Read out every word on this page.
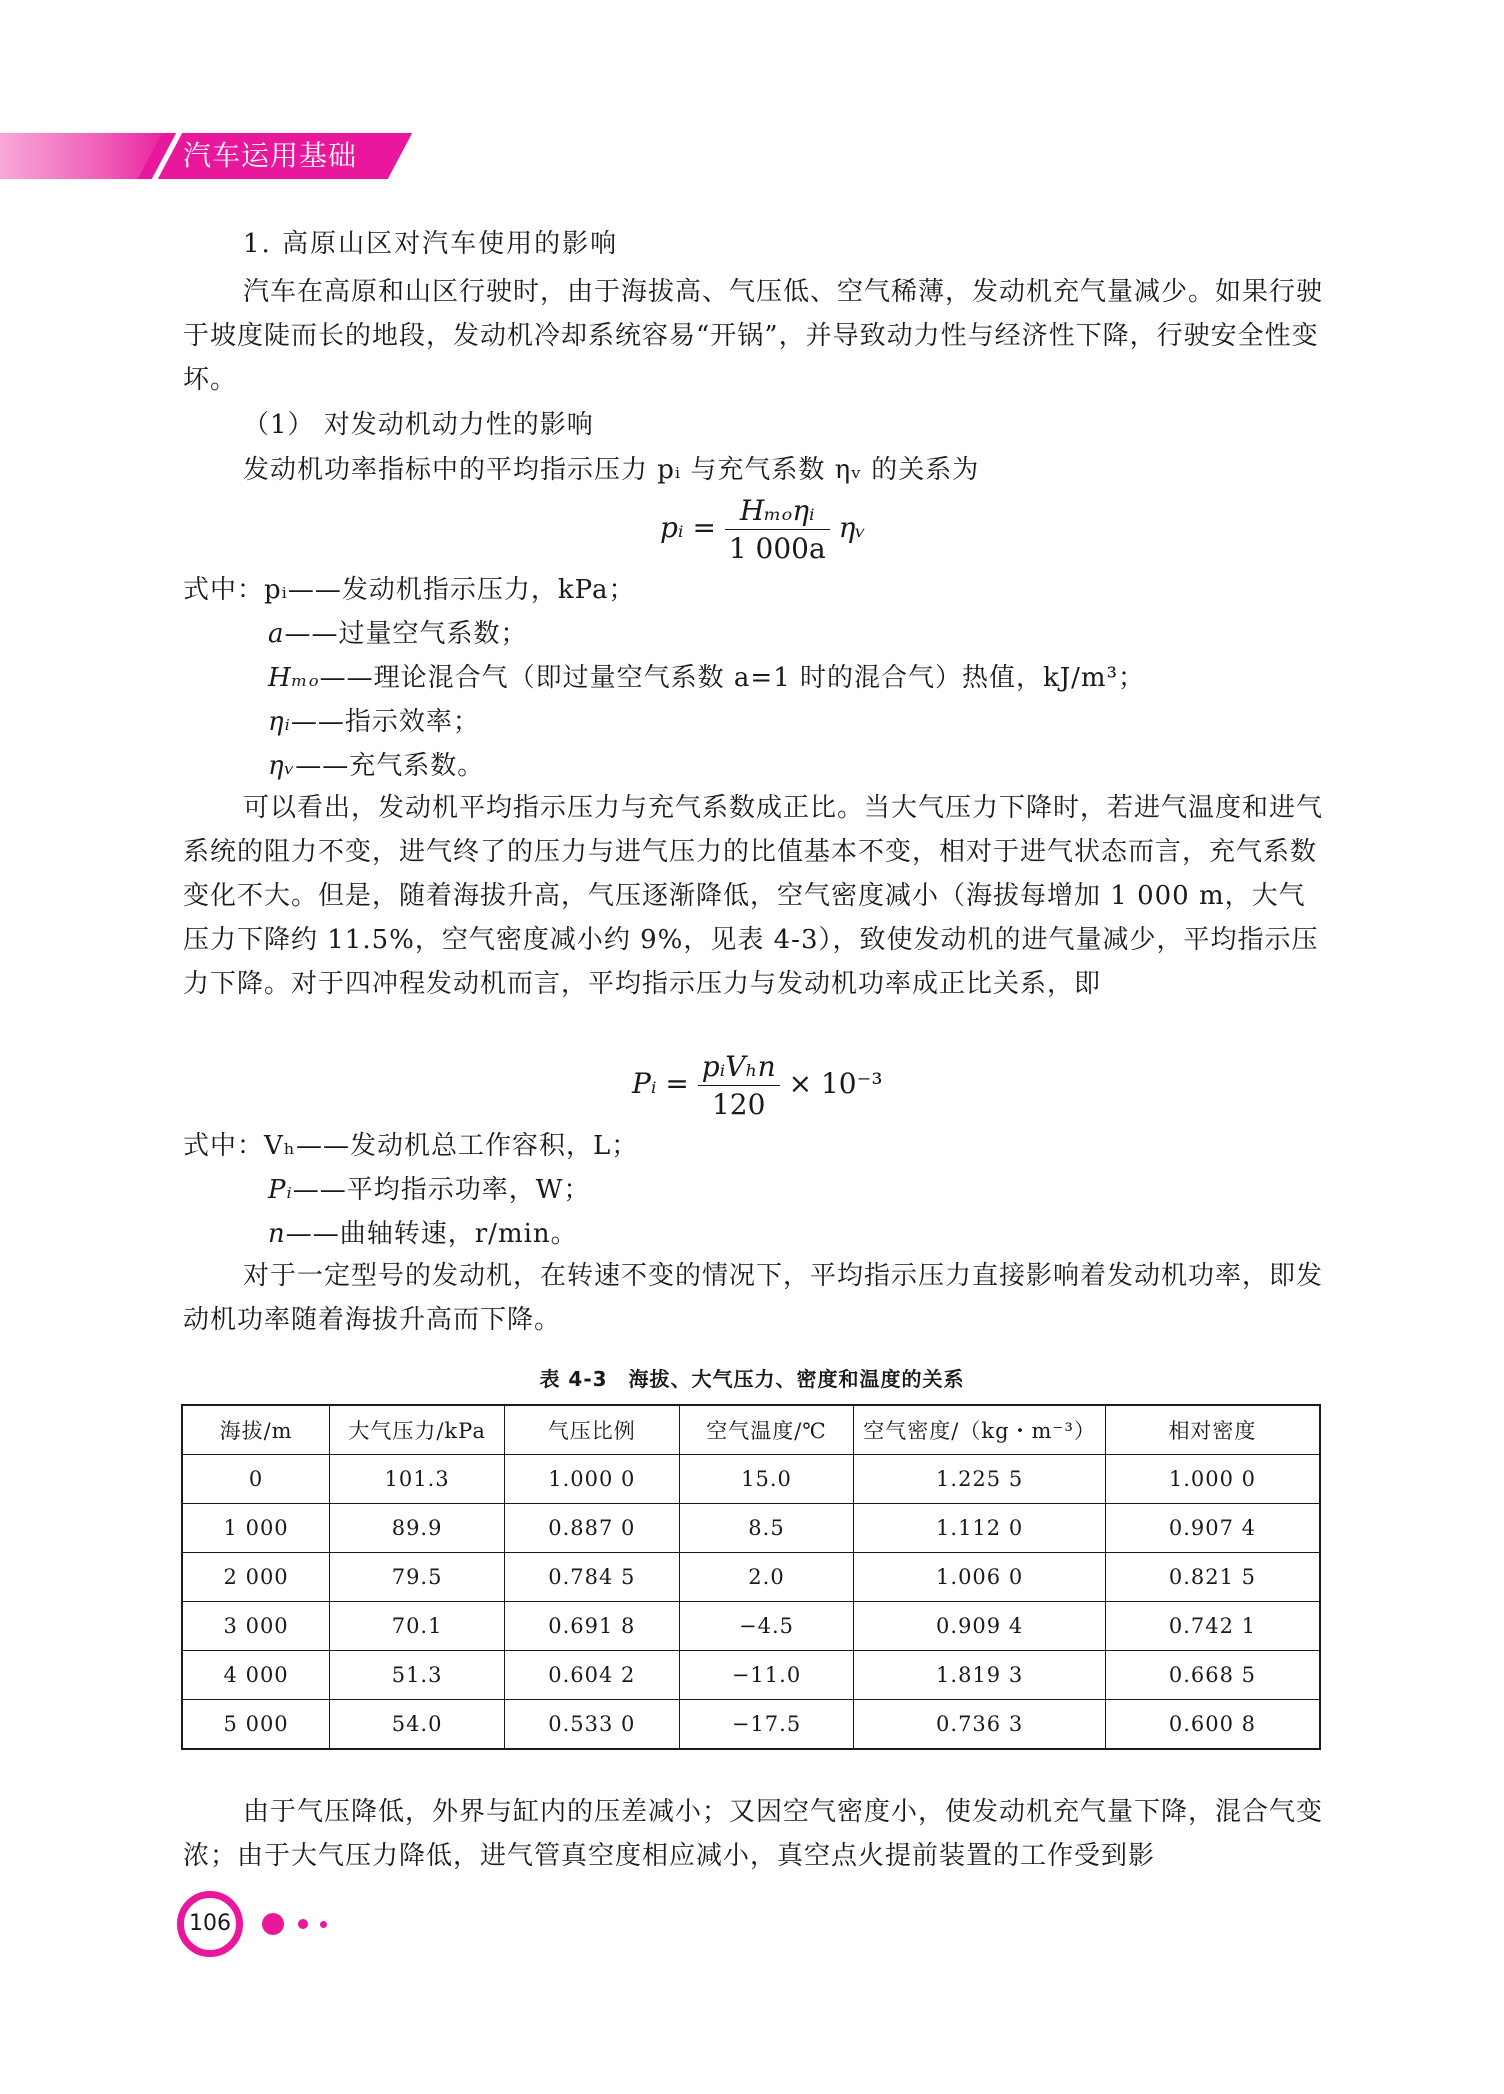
汽车运用基础
1. 高原山区对汽车使用的影响
汽车在高原和山区行驶时，由于海拔高、气压低、空气稀薄，发动机充气量减少。如果行驶于坡度陡而长的地段，发动机冷却系统容易“开锅”，并导致动力性与经济性下降，行驶安全性变坏。
（1） 对发动机动力性的影响
发动机功率指标中的平均指示压力 pᵢ 与充气系数 ηᵥ 的关系为
pᵢ = $\frac{\text{Hₘₒηᵢ}}{1 000a}$ ηᵥ
式中：pᵢ——发动机指示压力，kPa；
a——过量空气系数；
Hₘₒ——理论混合气（即过量空气系数 a=1 时的混合气）热值，kJ/m³；
ηᵢ——指示效率；
ηᵥ——充气系数。
可以看出，发动机平均指示压力与充气系数成正比。当大气压力下降时，若进气温度和进气系统的阻力不变，进气终了的压力与进气压力的比值基本不变，相对于进气状态而言，充气系数变化不大。但是，随着海拔升高，气压逐渐降低，空气密度减小（海拔每增加 1 000 m，大气压力下降约 11.5%，空气密度减小约 9%，见表 4-3），致使发动机的进气量减少，平均指示压力下降。对于四冲程发动机而言，平均指示压力与发动机功率成正比关系，即
Pᵢ = $\frac{\text{pᵢVₕn}}{120} \times 10^{-3}$
式中：Vₕ——发动机总工作容积，L；
Pᵢ——平均指示功率，W；
n——曲轴转速，r/min。
对于一定型号的发动机，在转速不变的情况下，平均指示压力直接影响着发动机功率，即发动机功率随着海拔升高而下降。
表 4-3　海拔、大气压力、密度和温度的关系
海拔/m	大气压力/kPa	气压比例	空气温度/℃	空气密度/（kg・m⁻³）	相对密度
0	101.3	1.000 0	15.0	1.225 5	1.000 0
1 000	89.9	0.887 0	8.5	1.112 0	0.907 4
2 000	79.5	0.784 5	2.0	1.006 0	0.821 5
3 000	70.1	0.691 8	−4.5	0.909 4	0.742 1
4 000	51.3	0.604 2	−11.0	1.819 3	0.668 5
5 000	54.0	0.533 0	−17.5	0.736 3	0.600 8
由于气压降低，外界与缸内的压差减小；又因空气密度小，使发动机充气量下降，混合气变浓；由于大气压力降低，进气管真空度相应减小，真空点火提前装置的工作受到影
106
